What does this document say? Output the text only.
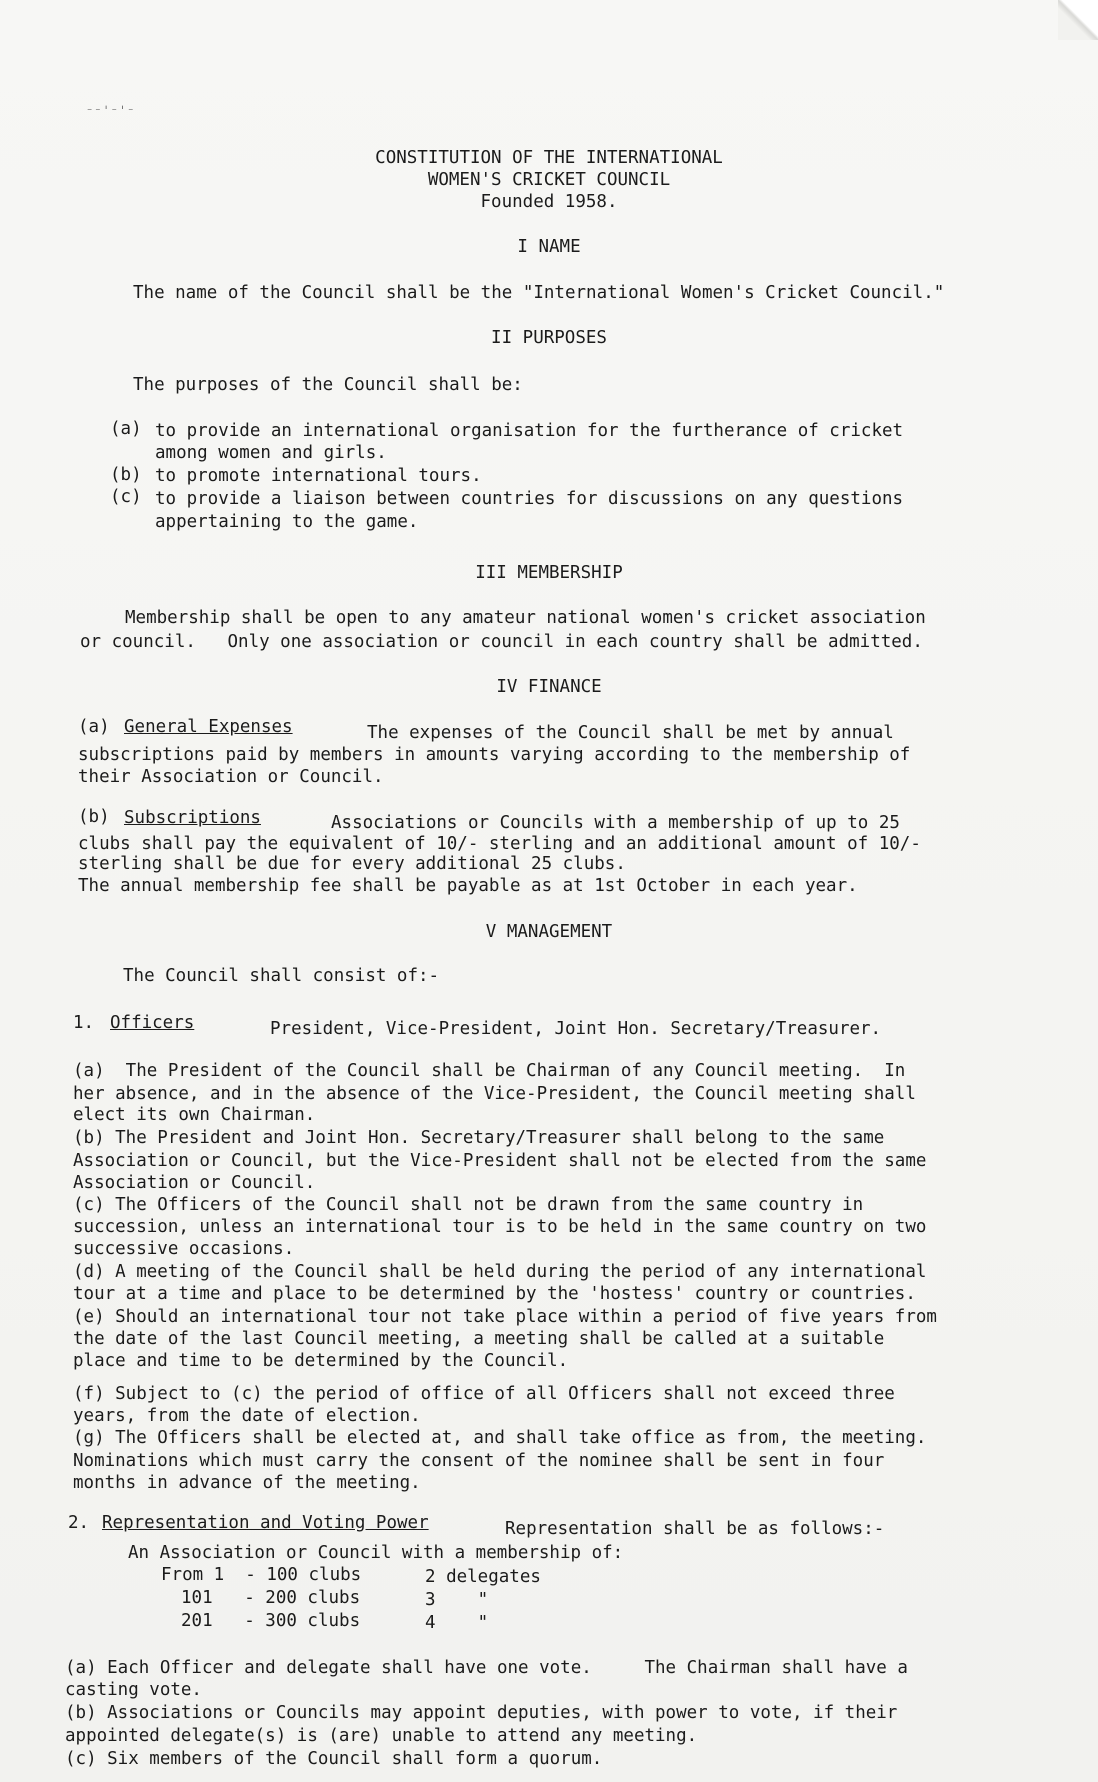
⁻⁻ˈ⁻ˈ⁻
CONSTITUTION OF THE INTERNATIONAL
WOMEN'S CRICKET COUNCIL
Founded 1958.
I NAME
The name of the Council shall be the "International Women's Cricket Council."
II PURPOSES
The purposes of the Council shall be:
(a) to provide an international organisation for the furtherance of cricket
among women and girls.
(b) to promote international tours.
(c) to provide a liaison between countries for discussions on any questions
appertaining to the game.
III MEMBERSHIP
Membership shall be open to any amateur national women's cricket association
or council.   Only one association or council in each country shall be admitted.
IV FINANCE
(a) General Expenses	The expenses of the Council shall be met by annual
subscriptions paid by members in amounts varying according to the membership of
their Association or Council.
(b) Subscriptions	Associations or Councils with a membership of up to 25
clubs shall pay the equivalent of 10/- sterling and an additional amount of 10/-
sterling shall be due for every additional 25 clubs.
The annual membership fee shall be payable as at 1st October in each year.
V MANAGEMENT
The Council shall consist of:-
1. Officers	President, Vice-President, Joint Hon. Secretary/Treasurer.
(a)  The President of the Council shall be Chairman of any Council meeting.  In
her absence, and in the absence of the Vice-President, the Council meeting shall
elect its own Chairman.
(b) The President and Joint Hon. Secretary/Treasurer shall belong to the same
Association or Council, but the Vice-President shall not be elected from the same
Association or Council.
(c) The Officers of the Council shall not be drawn from the same country in
succession, unless an international tour is to be held in the same country on two
successive occasions.
(d) A meeting of the Council shall be held during the period of any international
tour at a time and place to be determined by the 'hostess' country or countries.
(e) Should an international tour not take place within a period of five years from
the date of the last Council meeting, a meeting shall be called at a suitable
place and time to be determined by the Council.
(f) Subject to (c) the period of office of all Officers shall not exceed three
years, from the date of election.
(g) The Officers shall be elected at, and shall take office as from, the meeting.
Nominations which must carry the consent of the nominee shall be sent in four
months in advance of the meeting.
2. Representation and Voting Power	Representation shall be as follows:-
An Association or Council with a membership of:
From 1  - 100 clubs	2 delegates
101   - 200 clubs	3    "
201   - 300 clubs	4    "
(a) Each Officer and delegate shall have one vote.     The Chairman shall have a
casting vote.
(b) Associations or Councils may appoint deputies, with power to vote, if their
appointed delegate(s) is (are) unable to attend any meeting.
(c) Six members of the Council shall form a quorum.
